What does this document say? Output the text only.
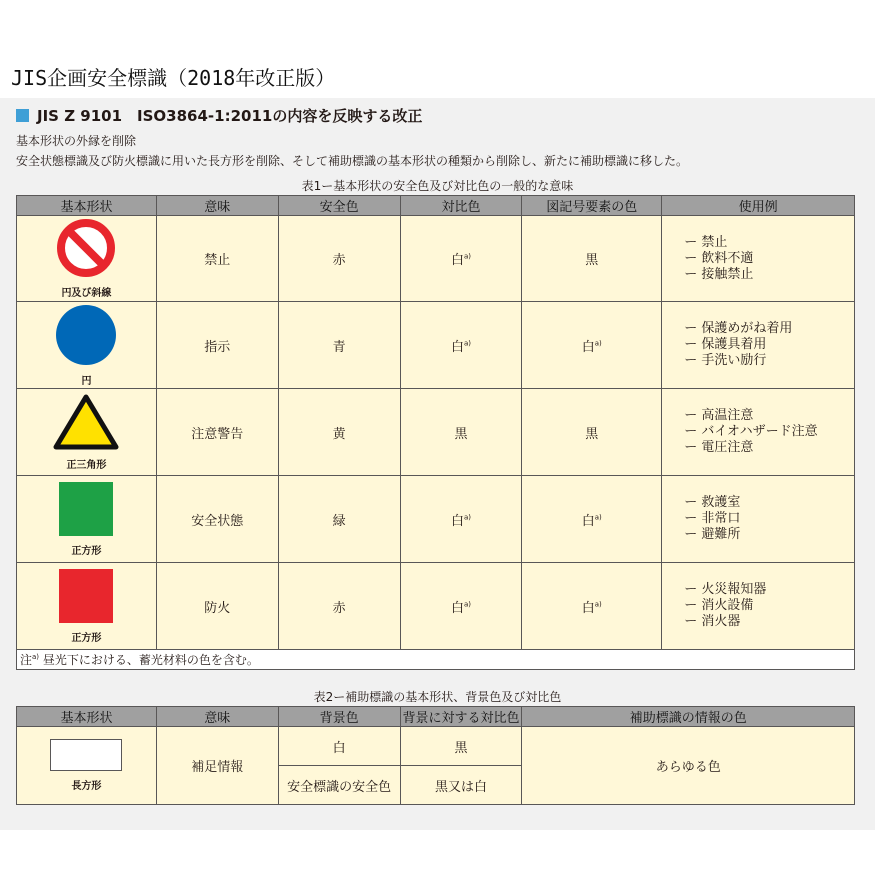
JIS企画安全標識（2018年改正版）
JIS Z 9101　ISO3864-1:2011の内容を反映する改正
基本形状の外縁を削除
安全状態標識及び防火標識に用いた長方形を削除、そして補助標識の基本形状の種類から削除し、新たに補助標識に移した。
表1ー基本形状の安全色及び対比色の一般的な意味
基本形状	意味	安全色	対比色	図記号要素の色	使用例

円及び斜線	禁止	赤	白$^{a)}$	黒	ー 禁止
ー 飲料不適
ー 接触禁止

円	指示	青	白$^{a)}$	白$^{a)}$	ー 保護めがね着用
ー 保護具着用
ー 手洗い励行

正三角形	注意警告	黄	黒	黒	ー 高温注意
ー バイオハザード注意
ー 電圧注意

正方形	安全状態	緑	白$^{a)}$	白$^{a)}$	ー 救護室
ー 非常口
ー 避難所

正方形	防火	赤	白$^{a)}$	白$^{a)}$	ー 火災報知器
ー 消火設備
ー 消火器

注$^{a)}$ 昼光下における、蓄光材料の色を含む。					
表2ー補助標識の基本形状、背景色及び対比色
基本形状	意味	背景色	背景に対する対比色	補助標識の情報の色

長方形	補足情報	白	黒	あらゆる色
		安全標識の安全色	黒又は白	
